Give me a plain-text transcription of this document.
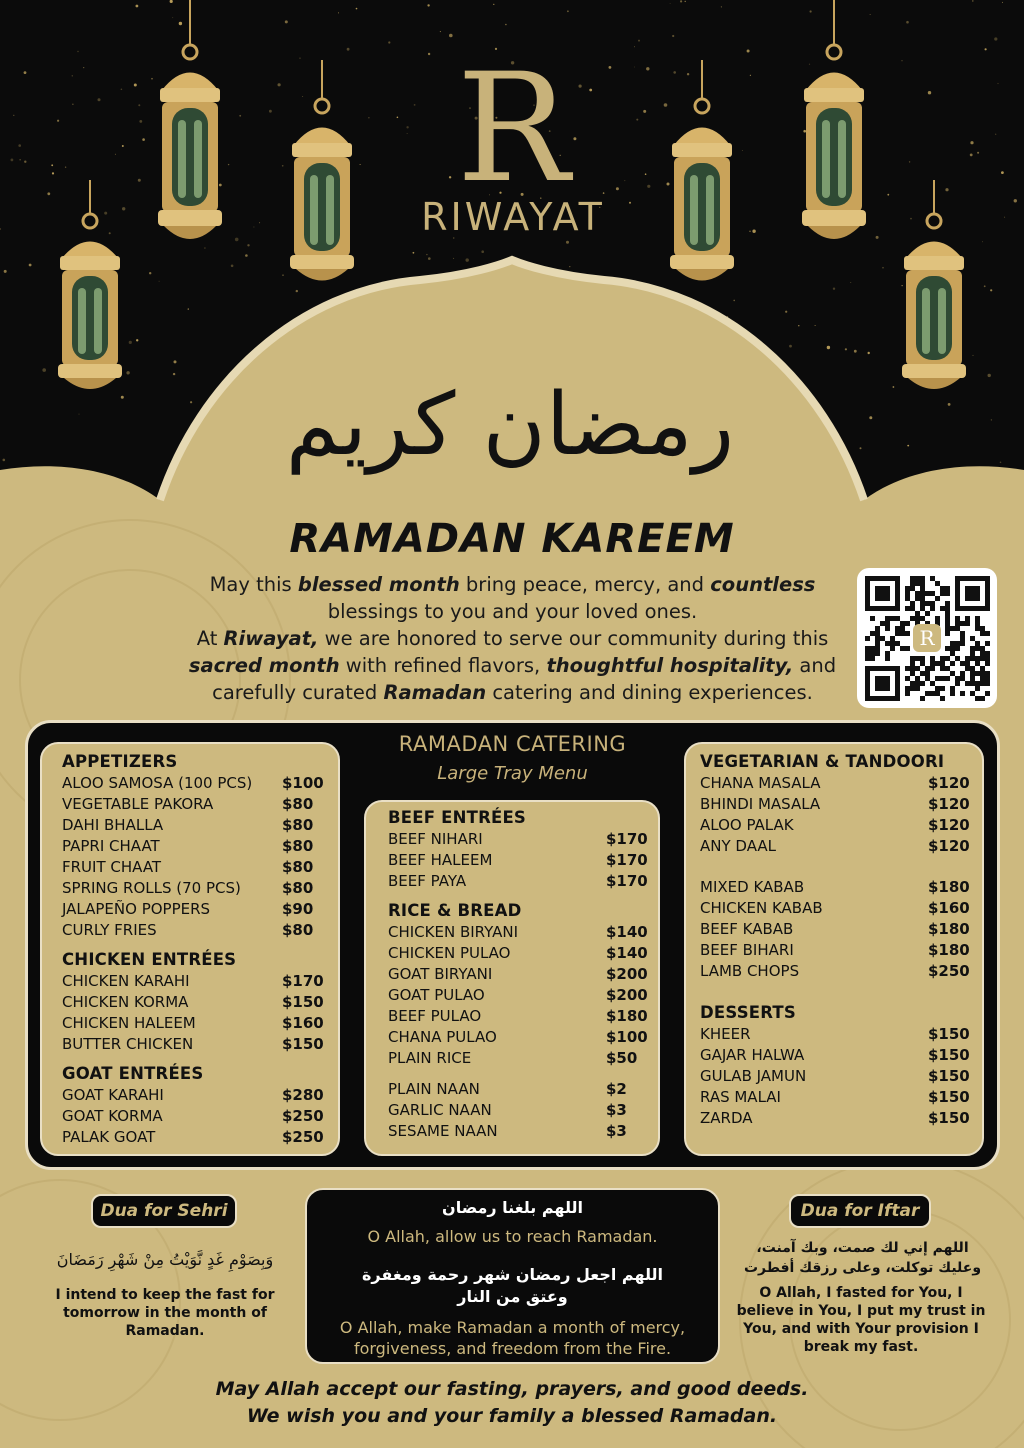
R
RIWAYAT
رمضان كريم
RAMADAN KAREEM
May this blessed month bring peace, mercy, and countless
blessings to you and your loved ones.
At Riwayat, we are honored to serve our community during this
sacred month with refined flavors, thoughtful hospitality, and
carefully curated Ramadan catering and dining experiences.
R
APPETIZERS
ALOO SAMOSA (100 PCS) $100
VEGETABLE PAKORA	$80
DAHI BHALLA	$80
PAPRI CHAAT	$80
FRUIT CHAAT	$80
SPRING ROLLS (70 PCS)	$80
JALAPEÑO POPPERS	$90
CURLY FRIES	$80
CHICKEN ENTRÉES
CHICKEN KARAHI	$170
CHICKEN KORMA	$150
CHICKEN HALEEM	$160
BUTTER CHICKEN	$150
GOAT ENTRÉES
GOAT KARAHI	$280
GOAT KORMA	$250
PALAK GOAT	$250
RAMADAN CATERING
Large Tray Menu
BEEF ENTRÉES
BEEF NIHARI	$170
BEEF HALEEM	$170
BEEF PAYA	$170
RICE & BREAD
CHICKEN BIRYANI	$140
CHICKEN PULAO	$140
GOAT BIRYANI	$200
GOAT PULAO	$200
BEEF PULAO	$180
CHANA PULAO	$100
PLAIN RICE	$50
PLAIN NAAN	$2
GARLIC NAAN	$3
SESAME NAAN	$3
VEGETARIAN & TANDOORI
CHANA MASALA	$120
BHINDI MASALA	$120
ALOO PALAK	$120
ANY DAAL	$120
MIXED KABAB	$180
CHICKEN KABAB	$160
BEEF KABAB	$180
BEEF BIHARI	$180
LAMB CHOPS	$250
DESSERTS
KHEER	$150
GAJAR HALWA	$150
GULAB JAMUN	$150
RAS MALAI	$150
ZARDA	$150
Dua for Sehri
وَبِصَوْمِ غَدٍ نَّوَيْتُ مِنْ شَهْرِ رَمَضَانَ
I intend to keep the fast for
tomorrow in the month of
Ramadan.
اللهم بلغنا رمضان
O Allah, allow us to reach Ramadan.
اللهم اجعل رمضان شهر رحمة ومغفرة
وعتق من النار
O Allah, make Ramadan a month of mercy,
forgiveness, and freedom from the Fire.
Dua for Iftar
اللهم إني لك صمت، وبك آمنت،
وعليك توكلت، وعلى رزقك أفطرت
O Allah, I fasted for You, I
believe in You, I put my trust in
You, and with Your provision I
break my fast.
May Allah accept our fasting, prayers, and good deeds.
We wish you and your family a blessed Ramadan.
